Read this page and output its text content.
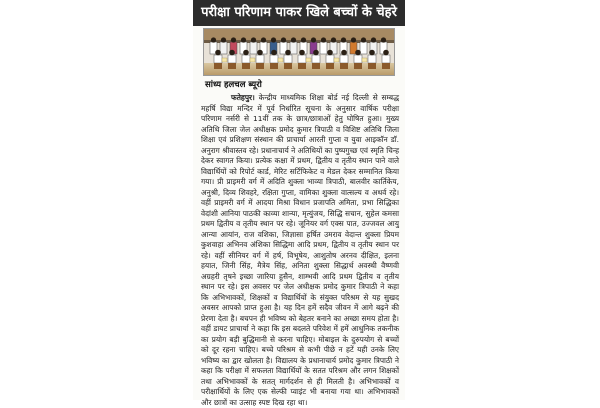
परीक्षा परिणाम पाकर खिले बच्चों के चेहरे
सांध्य हलचल ब्यूरो
फतेहपुर। केन्द्रीय माध्यमिक शिक्षा बोर्ड नई दिल्ली से सम्बद्ध महर्षि विद्या मन्दिर में पूर्व निर्धारित सूचना के अनुसार वार्षिक परीक्षा परिणाम नर्सरी से 11वीं तक के छात्र/छात्राओं हेतु घोषित हुआ। मुख्य अतिथि जिला जेल अधीक्षक प्रमोद कुमार त्रिपाठी व विशिष्ट अतिथि जिला शिक्षा एवं प्रशिक्षण संस्थान की प्राचार्या आरती गुप्ता व युवा आइकॉन डॉ. अनुराग श्रीवास्तव रहे। प्रधानाचार्य ने अतिथियों का पुष्पगुच्छ एवं स्मृति चिन्ह देकर स्वागत किया। प्रत्येक कक्षा में प्रथम, द्वितीय व तृतीय स्थान पाने वाले विद्यार्थियों को रिपोर्ट कार्ड, मेरिट सर्टिफिकेट व मेडल देकर सम्मानित किया गया। प्री प्राइमरी वर्ग में अदिति शुक्ला भाव्या त्रिपाठी, बालवीर कार्तिकेय, अनुश्री, दिव्य शिवहरे, रक्षिता गुप्ता, वामिका शुक्ला वात्सल्य व अथर्व रहे। वहीं प्राइमरी वर्ग में आदया मिश्रा विधान प्रजापति अमिता, प्रभा सिद्धिका वेदांशी आनिया पाठकी काव्या शान्या, मृत्युंजय, सिद्धि सचान, सुहेल कमसा प्रथम द्वितीय व तृतीय स्थान पर रहे। जूनियर वर्ग एक्स पात, उज्जवल आयु आन्या आयांन, राज वशिका, जिज्ञासा हर्षित उमराव वेदान्त शुक्ला प्रियम कुशवाहा अभिनव अंशिका सिद्धिमा आदि प्रथम, द्वितीय व तृतीय स्थान पर रहे। वहीं सीनियर वर्ग में हर्ष, विभूषेय, आशुतोष अरनव दीक्षित, इलना हयात, जिनी सिंह, मैत्रेय सिंह, अनिता शुक्ला सिद्धार्थ अवस्थी वैष्णवी अग्रहरी तृषने इच्छा जारिया हुसैन, शाम्भवी आदि प्रथम द्वितीय व तृतीय स्थान पर रहे। इस अवसर पर जेल अधीक्षक प्रमोद कुमार त्रिपाठी ने कहा कि अभिभावकों, शिक्षकों व विद्यार्थियों के संयुक्त परिश्रम से यह सुखद अवसर आपको प्राप्त हुआ है। यह दिन हमें सदैव जीवन में आगे बढ़ने की प्रेरणा देता है। बचपन ही भविष्य को बेहतर बनाने का अच्छा समय होता है। वहीं डायट प्राचार्या ने कहा कि इस बदलते परिवेश में हमें आधुनिक तकनीक का प्रयोग बड़ी बुद्धिमानी से करना चाहिए। मोबाइल के दुरुपयोग से बच्चों को दूर रहना चाहिए। बच्चे परिश्रम से कभी पीछे न हटें यही उनके लिए भविष्य का द्वार खोलता है। विद्यालय के प्रधानाचार्य प्रमोद कुमार त्रिपाठी ने कहा कि परीक्षा में सफलता विद्यार्थियों के सतत परिश्रम और लगन शिक्षकों तथा अभिभावकों के सतत् मार्गदर्शन से ही मिलती है। अभिभावकों व परीक्षार्थियों के लिए एक सेल्फी प्वाइंट भी बनाया गया था। अभिभावकों और छात्रों का उत्साह स्पष्ट दिख रहा था।
